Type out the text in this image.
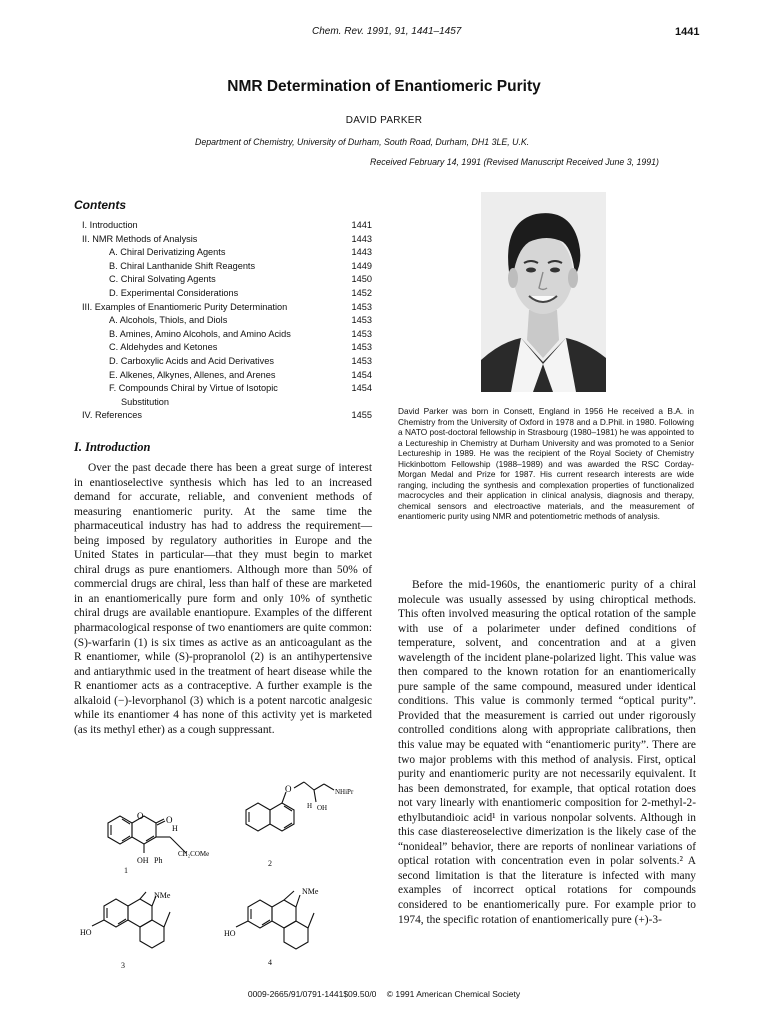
Chem. Rev. 1991, 91, 1441–1457	1441
NMR Determination of Enantiomeric Purity
DAVID PARKER
Department of Chemistry, University of Durham, South Road, Durham, DH1 3LE, U.K.
Received February 14, 1991 (Revised Manuscript Received June 3, 1991)
Contents
I. Introduction	1441
II. NMR Methods of Analysis	1443
A. Chiral Derivatizing Agents	1443
B. Chiral Lanthanide Shift Reagents	1449
C. Chiral Solvating Agents	1450
D. Experimental Considerations	1452
III. Examples of Enantiomeric Purity Determination	1453
A. Alcohols, Thiols, and Diols	1453
B. Amines, Amino Alcohols, and Amino Acids	1453
C. Aldehydes and Ketones	1453
D. Carboxylic Acids and Acid Derivatives	1453
E. Alkenes, Alkynes, Allenes, and Arenes	1454
F. Compounds Chiral by Virtue of Isotopic	1454
Substitution
IV. References	1455
I. Introduction

Over the past decade there has been a great surge of interest in enantioselective synthesis which has led to an increased demand for accurate, reliable, and convenient methods of measuring enantiomeric purity. At the same time the pharmaceutical industry has had to address the requirement—being imposed by regulatory authorities in Europe and the United States in particular—that they must begin to market chiral drugs as pure enantiomers. Although more than 50% of commercial drugs are chiral, less than half of these are marketed in an enantiomerically pure form and only 10% of synthetic chiral drugs are available enantiopure. Examples of the different pharmacological response of two enantiomers are quite common: (S)-warfarin (1) is six times as active as an anticoagulant as the R enantiomer, while (S)-propranolol (2) is an antihypertensive and antiarythmic used in the treatment of heart disease while the R enantiomer acts as a contraceptive. A further example is the alkaloid (−)-levorphanol (3) which is a potent narcotic analgesic while its enantiomer 4 has none of this activity yet is marketed (as its methyl ether) as a cough suppressant.

David Parker was born in Consett, England in 1956 He received a B.A. in Chemistry from the University of Oxford in 1978 and a D.Phil. in 1980. Following a NATO post-doctoral fellowship in Strasbourg (1980–1981) he was appointed to a Lectureship in Chemistry at Durham University and was promoted to a Senior Lectureship in 1989. He was the recipient of the Royal Society of Chemistry Hickinbottom Fellowship (1988–1989) and was awarded the RSC Corday-Morgan Medal and Prize for 1987. His current research interests are wide ranging, including the synthesis and complexation properties of functionalized macrocycles and their application in clinical analysis, diagnosis and therapy, chemical sensors and electroactive materials, and the measurement of enantiomeric purity using NMR and potentiometric methods of analysis.

Before the mid-1960s, the enantiomeric purity of a chiral molecule was usually assessed by using chiroptical methods. This often involved measuring the optical rotation of the sample with use of a polarimeter under defined conditions of temperature, solvent, and concentration and at a given wavelength of the incident plane-polarized light. This value was then compared to the known rotation for an enantiomerically pure sample of the same compound, measured under identical conditions. This value is commonly termed “optical purity”. Provided that the measurement is carried out under rigorously controlled conditions along with appropriate calibrations, then this value may be equated with “enantiomeric purity”. There are two major problems with this method of analysis. First, optical purity and enantiomeric purity are not necessarily equivalent. It has been demonstrated, for example, that optical rotation does not vary linearly with enantiomeric composition for 2-methyl-2-ethylbutandioic acid¹ in various nonpolar solvents. Although in this case diastereoselective dimerization is the likely case of the “nonideal” behavior, there are reports of nonlinear variations of optical rotation with concentration even in polar solvents.² A second limitation is that the literature is infected with many examples of incorrect optical rotations for compounds considered to be enantiomerically pure. For example prior to 1974, the specific rotation of enantiomerically pure (+)-3-

O	O
OH
H
Ph
CH₂COMe
1
O	NHiPr
H OH
2
NMe
HO
3
NMe
HO
4
0009-2665/91/0791-1441$09.50/0 © 1991 American Chemical Society
